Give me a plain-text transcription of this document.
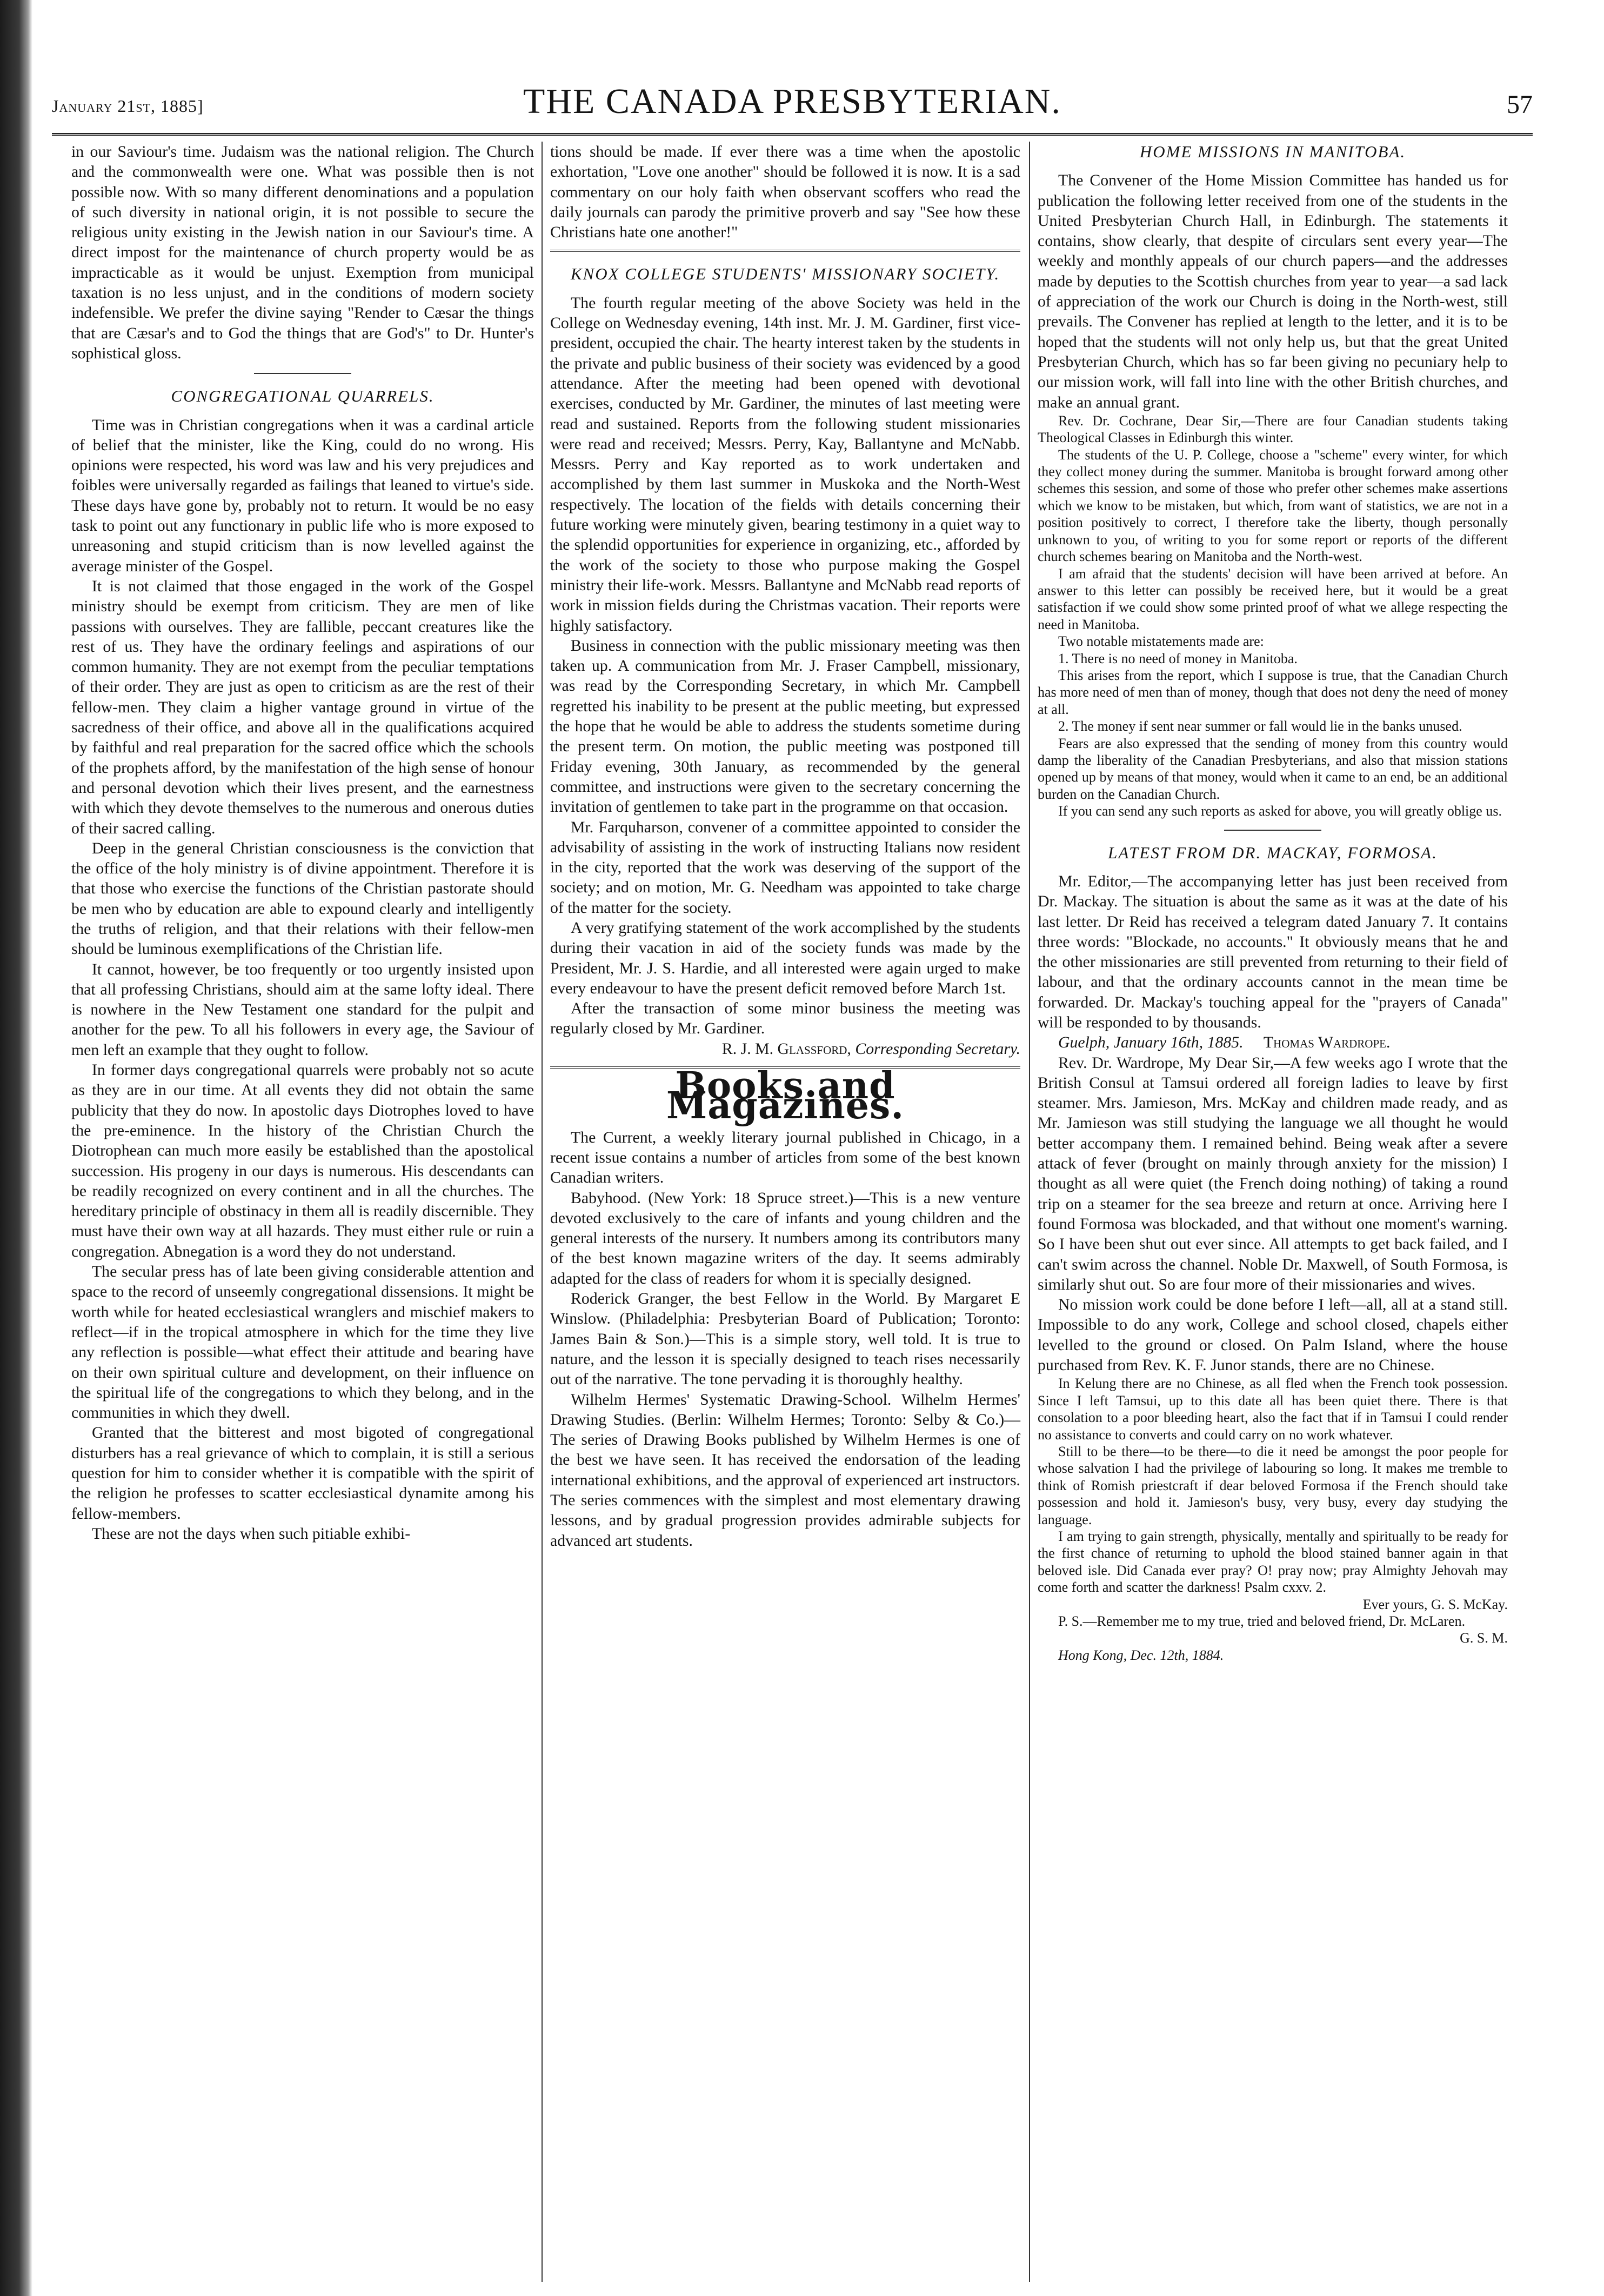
THE CANADA PRESBYTERIAN.
January 21st, 1885]	57

in our Saviour's time. Judaism was the national religion. The Church and the commonwealth were one. What was possible then is not possible now. With so many different denominations and a population of such diversity in national origin, it is not possible to secure the religious unity existing in the Jewish nation in our Saviour's time. A direct impost for the maintenance of church property would be as impracticable as it would be unjust. Exemption from municipal taxation is no less unjust, and in the conditions of modern society indefensible. We prefer the divine saying "Render to Cæsar the things that are Cæsar's and to God the things that are God's" to Dr. Hunter's sophistical gloss.

CONGREGATIONAL QUARRELS.

Time was in Christian congregations when it was a cardinal article of belief that the minister, like the King, could do no wrong. His opinions were respected, his word was law and his very prejudices and foibles were universally regarded as failings that leaned to virtue's side. These days have gone by, probably not to return. It would be no easy task to point out any functionary in public life who is more exposed to unreasoning and stupid criticism than is now levelled against the average minister of the Gospel.

It is not claimed that those engaged in the work of the Gospel ministry should be exempt from criticism. They are men of like passions with ourselves. They are fallible, peccant creatures like the rest of us. They have the ordinary feelings and aspirations of our common humanity. They are not exempt from the peculiar temptations of their order. They are just as open to criticism as are the rest of their fellow-men. They claim a higher vantage ground in virtue of the sacredness of their office, and above all in the qualifications acquired by faithful and real preparation for the sacred office which the schools of the prophets afford, by the manifestation of the high sense of honour and personal devotion which their lives present, and the earnestness with which they devote themselves to the numerous and onerous duties of their sacred calling.

Deep in the general Christian consciousness is the conviction that the office of the holy ministry is of divine appointment. Therefore it is that those who exercise the functions of the Christian pastorate should be men who by education are able to expound clearly and intelligently the truths of religion, and that their relations with their fellow-men should be luminous exemplifications of the Christian life.

It cannot, however, be too frequently or too urgently insisted upon that all professing Christians, should aim at the same lofty ideal. There is nowhere in the New Testament one standard for the pulpit and another for the pew. To all his followers in every age, the Saviour of men left an example that they ought to follow.

In former days congregational quarrels were probably not so acute as they are in our time. At all events they did not obtain the same publicity that they do now. In apostolic days Diotrophes loved to have the pre-eminence. In the history of the Christian Church the Diotrophean can much more easily be established than the apostolical succession. His progeny in our days is numerous. His descendants can be readily recognized on every continent and in all the churches. The hereditary principle of obstinacy in them all is readily discernible. They must have their own way at all hazards. They must either rule or ruin a congregation. Abnegation is a word they do not understand.

The secular press has of late been giving considerable attention and space to the record of unseemly congregational dissensions. It might be worth while for heated ecclesiastical wranglers and mischief makers to reflect—if in the tropical atmosphere in which for the time they live any reflection is possible—what effect their attitude and bearing have on their own spiritual culture and development, on their influence on the spiritual life of the congregations to which they belong, and in the communities in which they dwell.

Granted that the bitterest and most bigoted of congregational disturbers has a real grievance of which to complain, it is still a serious question for him to consider whether it is compatible with the spirit of the religion he professes to scatter ecclesiastical dynamite among his fellow-members.

These are not the days when such pitiable exhibi-

tions should be made. If ever there was a time when the apostolic exhortation, "Love one another" should be followed it is now. It is a sad commentary on our holy faith when observant scoffers who read the daily journals can parody the primitive proverb and say "See how these Christians hate one another!"

KNOX COLLEGE STUDENTS' MISSIONARY SOCIETY.

The fourth regular meeting of the above Society was held in the College on Wednesday evening, 14th inst. Mr. J. M. Gardiner, first vice-president, occupied the chair. The hearty interest taken by the students in the private and public business of their society was evidenced by a good attendance. After the meeting had been opened with devotional exercises, conducted by Mr. Gardiner, the minutes of last meeting were read and sustained. Reports from the following student missionaries were read and received; Messrs. Perry, Kay, Ballantyne and McNabb. Messrs. Perry and Kay reported as to work undertaken and accomplished by them last summer in Muskoka and the North-West respectively. The location of the fields with details concerning their future working were minutely given, bearing testimony in a quiet way to the splendid opportunities for experience in organizing, etc., afforded by the work of the society to those who purpose making the Gospel ministry their life-work. Messrs. Ballantyne and McNabb read reports of work in mission fields during the Christmas vacation. Their reports were highly satisfactory.

Business in connection with the public missionary meeting was then taken up. A communication from Mr. J. Fraser Campbell, missionary, was read by the Corresponding Secretary, in which Mr. Campbell regretted his inability to be present at the public meeting, but expressed the hope that he would be able to address the students sometime during the present term. On motion, the public meeting was postponed till Friday evening, 30th January, as recommended by the general committee, and instructions were given to the secretary concerning the invitation of gentlemen to take part in the programme on that occasion.

Mr. Farquharson, convener of a committee appointed to consider the advisability of assisting in the work of instructing Italians now resident in the city, reported that the work was deserving of the support of the society; and on motion, Mr. G. Needham was appointed to take charge of the matter for the society.

A very gratifying statement of the work accomplished by the students during their vacation in aid of the society funds was made by the President, Mr. J. S. Hardie, and all interested were again urged to make every endeavour to have the present deficit removed before March 1st.

After the transaction of some minor business the meeting was regularly closed by Mr. Gardiner.

R. J. M. Glassford, Corresponding Secretary.

Books and Magazines.

The Current, a weekly literary journal published in Chicago, in a recent issue contains a number of articles from some of the best known Canadian writers.

Babyhood. (New York: 18 Spruce street.)—This is a new venture devoted exclusively to the care of infants and young children and the general interests of the nursery. It numbers among its contributors many of the best known magazine writers of the day. It seems admirably adapted for the class of readers for whom it is specially designed.

Roderick Granger, the best Fellow in the World. By Margaret E Winslow. (Philadelphia: Presbyterian Board of Publication; Toronto: James Bain & Son.)—This is a simple story, well told. It is true to nature, and the lesson it is specially designed to teach rises necessarily out of the narrative. The tone pervading it is thoroughly healthy.

Wilhelm Hermes' Systematic Drawing-School. Wilhelm Hermes' Drawing Studies. (Berlin: Wilhelm Hermes; Toronto: Selby & Co.)—The series of Drawing Books published by Wilhelm Hermes is one of the best we have seen. It has received the endorsation of the leading international exhibitions, and the approval of experienced art instructors. The series commences with the simplest and most elementary drawing lessons, and by gradual progression provides admirable subjects for advanced art students.

HOME MISSIONS IN MANITOBA.

The Convener of the Home Mission Committee has handed us for publication the following letter received from one of the students in the United Presbyterian Church Hall, in Edinburgh. The statements it contains, show clearly, that despite of circulars sent every year—The weekly and monthly appeals of our church papers—and the addresses made by deputies to the Scottish churches from year to year—a sad lack of appreciation of the work our Church is doing in the North-west, still prevails. The Convener has replied at length to the letter, and it is to be hoped that the students will not only help us, but that the great United Presbyterian Church, which has so far been giving no pecuniary help to our mission work, will fall into line with the other British churches, and make an annual grant.

Rev. Dr. Cochrane, Dear Sir,—There are four Canadian students taking Theological Classes in Edinburgh this winter.

The students of the U. P. College, choose a "scheme" every winter, for which they collect money during the summer. Manitoba is brought forward among other schemes this session, and some of those who prefer other schemes make assertions which we know to be mistaken, but which, from want of statistics, we are not in a position positively to correct, I therefore take the liberty, though personally unknown to you, of writing to you for some report or reports of the different church schemes bearing on Manitoba and the North-west.

I am afraid that the students' decision will have been arrived at before. An answer to this letter can possibly be received here, but it would be a great satisfaction if we could show some printed proof of what we allege respecting the need in Manitoba.

Two notable mistatements made are:

1. There is no need of money in Manitoba.

This arises from the report, which I suppose is true, that the Canadian Church has more need of men than of money, though that does not deny the need of money at all.

2. The money if sent near summer or fall would lie in the banks unused.

Fears are also expressed that the sending of money from this country would damp the liberality of the Canadian Presbyterians, and also that mission stations opened up by means of that money, would when it came to an end, be an additional burden on the Canadian Church.

If you can send any such reports as asked for above, you will greatly oblige us.

LATEST FROM DR. MACKAY, FORMOSA.

Mr. Editor,—The accompanying letter has just been received from Dr. Mackay. The situation is about the same as it was at the date of his last letter. Dr Reid has received a telegram dated January 7. It contains three words: "Blockade, no accounts." It obviously means that he and the other missionaries are still prevented from returning to their field of labour, and that the ordinary accounts cannot in the mean time be forwarded. Dr. Mackay's touching appeal for the "prayers of Canada" will be responded to by thousands.

Guelph, January 16th, 1885. Thomas Wardrope.

Rev. Dr. Wardrope, My Dear Sir,—A few weeks ago I wrote that the British Consul at Tamsui ordered all foreign ladies to leave by first steamer. Mrs. Jamieson, Mrs. McKay and children made ready, and as Mr. Jamieson was still studying the language we all thought he would better accompany them. I remained behind. Being weak after a severe attack of fever (brought on mainly through anxiety for the mission) I thought as all were quiet (the French doing nothing) of taking a round trip on a steamer for the sea breeze and return at once. Arriving here I found Formosa was blockaded, and that without one moment's warning. So I have been shut out ever since. All attempts to get back failed, and I can't swim across the channel. Noble Dr. Maxwell, of South Formosa, is similarly shut out. So are four more of their missionaries and wives.

No mission work could be done before I left—all, all at a stand still. Impossible to do any work, College and school closed, chapels either levelled to the ground or closed. On Palm Island, where the house purchased from Rev. K. F. Junor stands, there are no Chinese.

In Kelung there are no Chinese, as all fled when the French took possession. Since I left Tamsui, up to this date all has been quiet there. There is that consolation to a poor bleeding heart, also the fact that if in Tamsui I could render no assistance to converts and could carry on no work whatever.

Still to be there—to be there—to die it need be amongst the poor people for whose salvation I had the privilege of labouring so long. It makes me tremble to think of Romish priestcraft if dear beloved Formosa if the French should take possession and hold it. Jamieson's busy, very busy, every day studying the language.

I am trying to gain strength, physically, mentally and spiritually to be ready for the first chance of returning to uphold the blood stained banner again in that beloved isle. Did Canada ever pray? O! pray now; pray Almighty Jehovah may come forth and scatter the darkness! Psalm cxxv. 2.

Ever yours, G. S. McKay.

P. S.—Remember me to my true, tried and beloved friend, Dr. McLaren.

G. S. M.

Hong Kong, Dec. 12th, 1884.
